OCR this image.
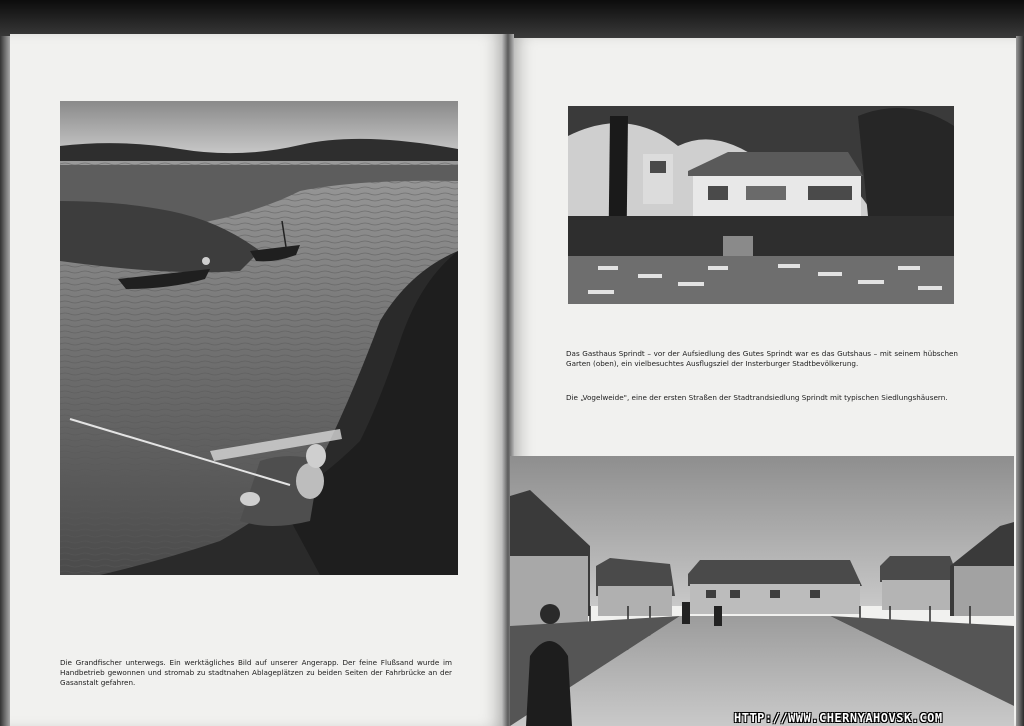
Die Grandfischer unterwegs. Ein werktägliches Bild auf unserer Angerapp. Der feine Flußsand wurde im Handbetrieb gewonnen und stromab zu stadtnahen Ablageplätzen zu beiden Seiten der Fahrbrücke an der Gasanstalt gefahren.

Das Gasthaus Sprindt – vor der Aufsiedlung des Gutes Sprindt war es das Gutshaus – mit seinem hübschen Garten (oben), ein vielbesuchtes Ausflugsziel der Insterburger Stadtbevölkerung.

Die „Vogelweide", eine der ersten Straßen der Stadtrandsiedlung Sprindt mit typischen Siedlungshäusern.

HTTP://WWW.CHERNYAHOVSK.COM
